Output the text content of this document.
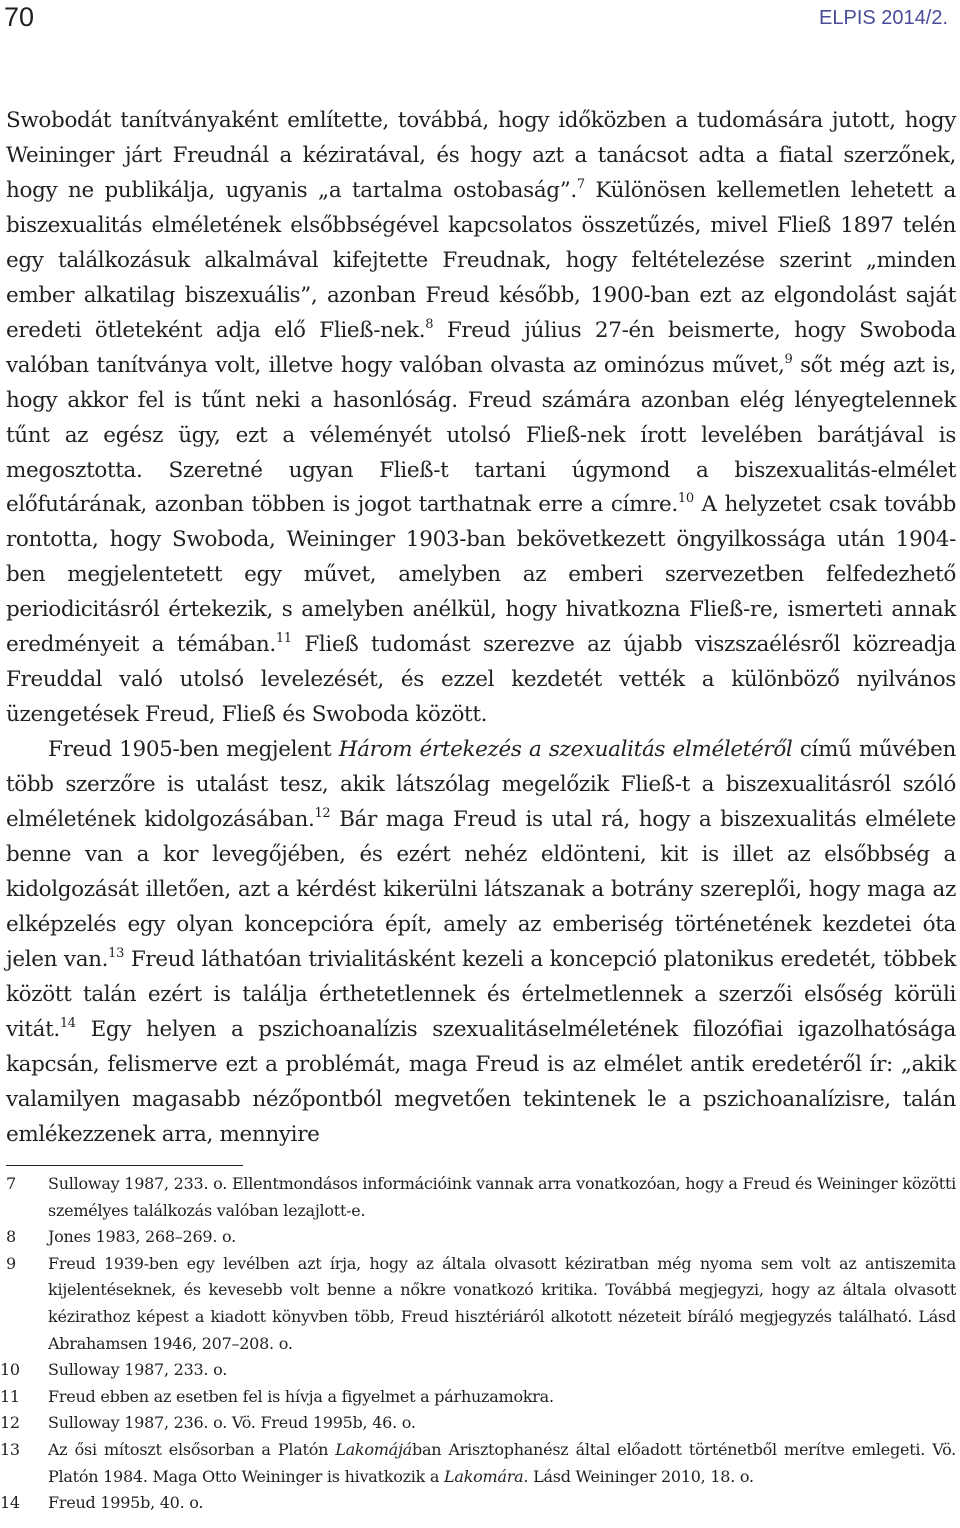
70	ELPIS 2014/2.

Swobodát tanítványaként említette, továbbá, hogy időközben a tudomására jutott, hogy Weininger járt Freudnál a kéziratával, és hogy azt a tanácsot adta a fiatal szerzőnek, hogy ne publikálja, ugyanis „a tartalma ostobaság”.$^7$ Különösen kellemetlen lehetett a biszexualitás elméletének elsőbbségével kapcsolatos összetűzés, mivel Fließ 1897 telén egy találkozásuk alkalmával kifejtette Freudnak, hogy feltételezése szerint „minden ember alkatilag biszexuális”, azonban Freud később, 1900-ban ezt az elgondolást saját eredeti ötleteként adja elő Fließ-nek.$^8$ Freud július 27-én beismerte, hogy Swoboda valóban tanítványa volt, illetve hogy valóban olvasta az ominózus művet,$^9$ sőt még azt is, hogy akkor fel is tűnt neki a hasonlóság. Freud számára azonban elég lényegtelennek tűnt az egész ügy, ezt a véleményét utolsó Fließ-nek írott levelében barátjával is megosztotta. Szeretné ugyan Fließ-t tartani úgymond a biszexualitás-elmélet előfutárának, azonban többen is jogot tarthatnak erre a címre.$^{10}$ A helyzetet csak tovább rontotta, hogy Swoboda, Weininger 1903-ban bekövetkezett öngyilkossága után 1904-ben megjelentetett egy művet, amelyben az emberi szervezetben felfedezhető periodicitásról értekezik, s amelyben anélkül, hogy hivatkozna Fließ-re, ismerteti annak eredményeit a témában.$^{11}$ Fließ tudomást szerezve az újabb viszszaélésről közreadja Freuddal való utolsó levelezését, és ezzel kezdetét vették a különböző nyilvános üzengetések Freud, Fließ és Swoboda között.

Freud 1905-ben megjelent Három értekezés a szexualitás elméletéről című művében több szerzőre is utalást tesz, akik látszólag megelőzik Fließ-t a biszexualitásról szóló elméletének kidolgozásában.$^{12}$ Bár maga Freud is utal rá, hogy a biszexualitás elmélete benne van a kor levegőjében, és ezért nehéz eldönteni, kit is illet az elsőbbség a kidolgozását illetően, azt a kérdést kikerülni látszanak a botrány szereplői, hogy maga az elképzelés egy olyan koncepcióra épít, amely az emberiség történetének kezdetei óta jelen van.$^{13}$ Freud láthatóan trivialitásként kezeli a koncepció platonikus eredetét, többek között talán ezért is találja érthetetlennek és értelmetlennek a szerzői elsőség körüli vitát.$^{14}$ Egy helyen a pszichoanalízis szexualitáselméletének filozófiai igazolhatósága kapcsán, felismerve ezt a problémát, maga Freud is az elmélet antik eredetéről ír: „akik valamilyen magasabb nézőpontból megvetően tekintenek le a pszichoanalízisre, talán emlékezzenek arra, mennyire

7	Sulloway 1987, 233. o. Ellentmondásos információink vannak arra vonatkozóan, hogy a Freud és Weininger közötti személyes találkozás valóban lezajlott-e.
8	Jones 1983, 268–269. o.
9	Freud 1939-ben egy levélben azt írja, hogy az általa olvasott kéziratban még nyoma sem volt az antiszemita kijelentéseknek, és kevesebb volt benne a nőkre vonatkozó kritika. Továbbá megjegyzi, hogy az általa olvasott kézirathoz képest a kiadott könyvben több, Freud hisztériáról alkotott nézeteit bíráló megjegyzés található. Lásd Abrahamsen 1946, 207–208. o.
10	Sulloway 1987, 233. o.
11	Freud ebben az esetben fel is hívja a figyelmet a párhuzamokra.
12	Sulloway 1987, 236. o. Vö. Freud 1995b, 46. o.
13	Az ősi mítoszt elsősorban a Platón Lakomájában Arisztophanész által előadott történetből merítve emlegeti. Vö. Platón 1984. Maga Otto Weininger is hivatkozik a Lakomára. Lásd Weininger 2010, 18. o.
14	Freud 1995b, 40. o.
